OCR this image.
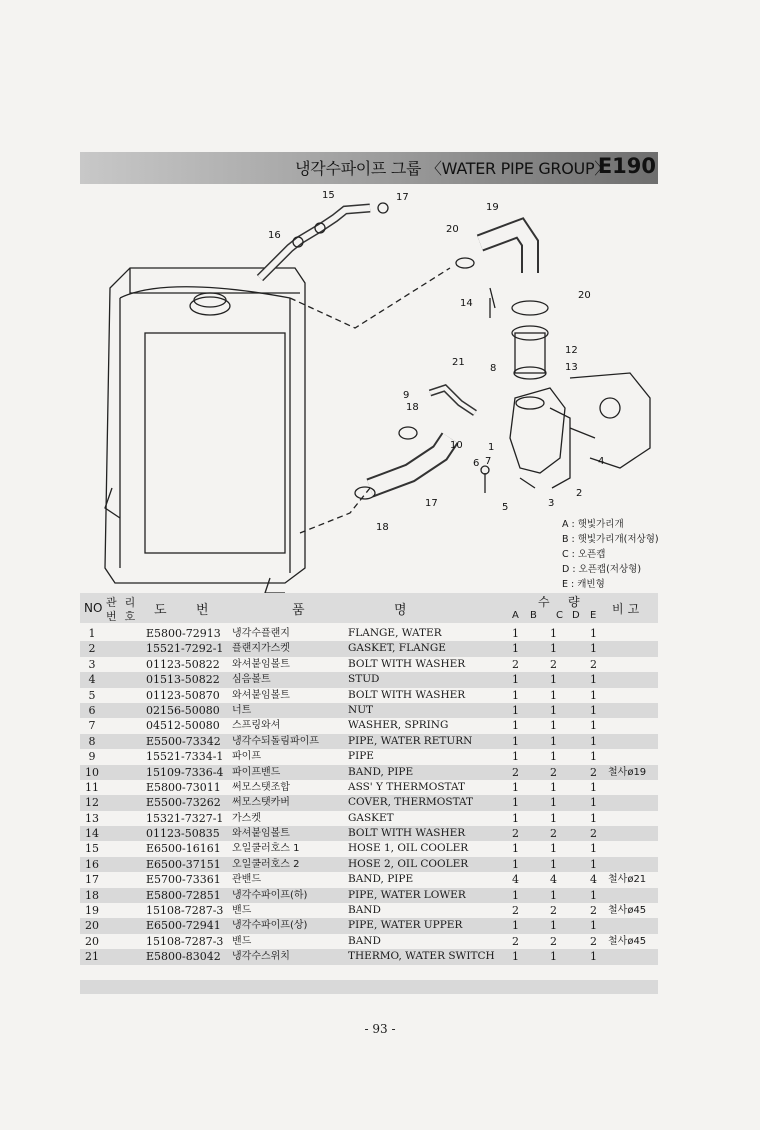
냉각수파이프 그룹 〈WATER PIPE GROUP〉
E190
15	17
16
19
20
20
14
12
13
21
8
9
18
10	1
6 7	4
5	3
2
17
18	A : 햇빛가리개
B : 햇빛가리개(저상형)
C : 오픈캡
D : 오픈캡(저상형)
E : 캐빈형
NO 관리
번호 도 번	품	명
수 량
A B C D E 비고
1	E5800-72913 냉각수플랜지	FLANGE, WATER	1	1	1
2	15521-7292-1 플랜지가스켓	GASKET, FLANGE	1	1	1
3	01123-50822 와셔붙임볼트	BOLT WITH WASHER	2	2	2
4	01513-50822 심음볼트	STUD	1	1	1
5	01123-50870 와셔붙임볼트	BOLT WITH WASHER	1	1	1
6	02156-50080 너트	NUT	1	1	1
7	04512-50080 스프링와셔	WASHER, SPRING	1	1	1
8	E5500-73342 냉각수되돌림파이프	PIPE, WATER RETURN	1	1	1
9	15521-7334-1 파이프	PIPE	1	1	1
10	15109-7336-4 파이프밴드	BAND, PIPE	2	2	2 철사ø19
11	E5800-73011 써모스탯조합	ASS' Y THERMOSTAT	1	1	1
12	E5500-73262 써모스탯카버	COVER, THERMOSTAT	1	1	1
13	15321-7327-1 가스켓	GASKET	1	1	1
14	01123-50835 와셔붙임볼트	BOLT WITH WASHER	2	2	2
15	E6500-16161 오일쿨러호스 1	HOSE 1, OIL COOLER	1	1	1
16	E6500-37151 오일쿨러호스 2	HOSE 2, OIL COOLER	1	1	1
17	E5700-73361 관밴드	BAND, PIPE	4	4	4 철사ø21
18	E5800-72851 냉각수파이프(하)	PIPE, WATER LOWER	1	1	1
19	15108-7287-3 밴드	BAND	2	2	2 철사ø45
20	E6500-72941 냉각수파이프(상)	PIPE, WATER UPPER	1	1	1
20	15108-7287-3 밴드	BAND	2	2	2 철사ø45
21	E5800-83042 냉각수스위치	THERMO, WATER SWITCH 1	1	1
- 93 -
